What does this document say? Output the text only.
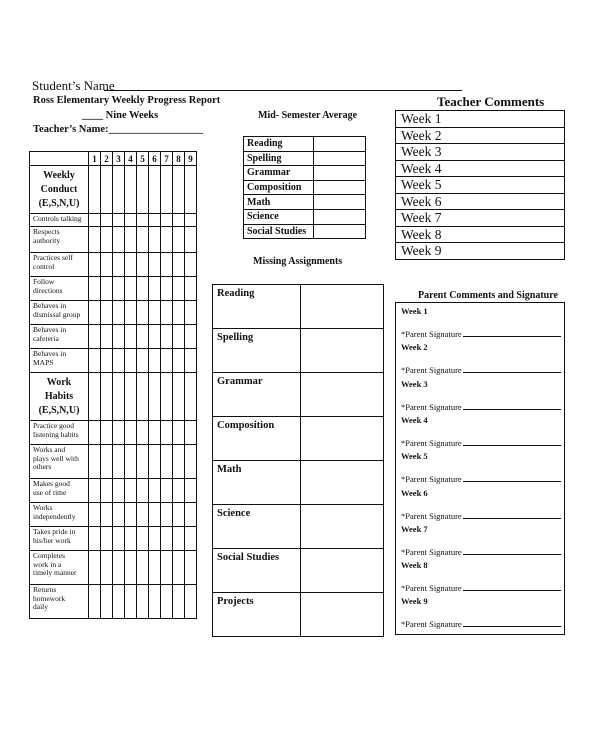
Student’s Name
Ross Elementary Weekly Progress Report
____ Nine Weeks
Teacher’s Name:__________________
	1	2	3	4	5	6	7	8	9

Weekly
Conduct
(E,S,N,U)									

Controls talking									

Respects
authority									

Practices self
control									

Follow
directions									

Behaves in
dismissal group									

Behaves in
cafeteria									

Behaves in
MAPS									

Work
Habits
(E,S,N,U)									

Practice good
listening habits									

Works and
plays well with
others									

Makes good
use of time									

Works
independently									

Takes pride in
his/her work									

Completes
work in a
timely manner									

Returns
homework
daily									

Mid- Semester Average
Reading	
Spelling	
Grammar	
Composition	
Math	
Science	
Social Studies	
Missing Assignments
Reading	
Spelling	
Grammar	
Composition	
Math	
Science	
Social Studies	
Projects	
Teacher Comments
Week 1
Week 2
Week 3
Week 4
Week 5
Week 6
Week 7
Week 8
Week 9
Parent Comments and Signature
Week 1
*Parent Signature
Week 2
*Parent Signature
Week 3
*Parent Signature
Week 4
*Parent Signature
Week 5
*Parent Signature
Week 6
*Parent Signature
Week 7
*Parent Signature
Week 8
*Parent Signature
Week 9
*Parent Signature
